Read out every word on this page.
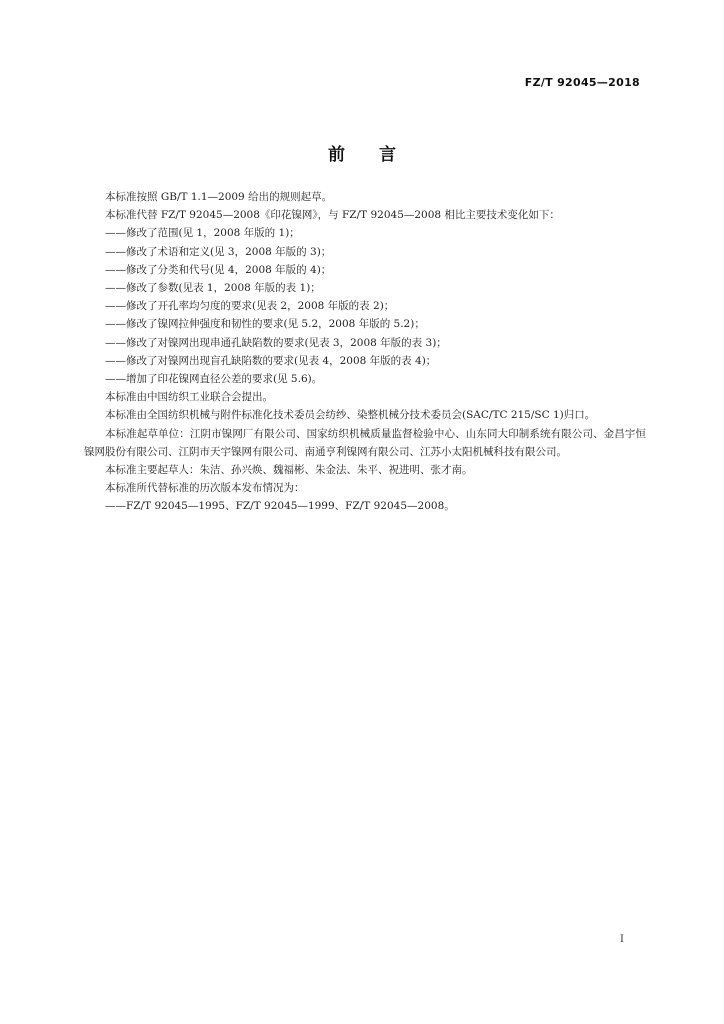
FZ/T 92045—2018
前言

本标准按照 GB/T 1.1—2009 给出的规则起草。

本标准代替 FZ/T 92045—2008《印花镍网》，与 FZ/T 92045—2008 相比主要技术变化如下：

——修改了范围(见 1，2008 年版的 1)；

——修改了术语和定义(见 3，2008 年版的 3)；

——修改了分类和代号(见 4，2008 年版的 4)；

——修改了参数(见表 1，2008 年版的表 1)；

——修改了开孔率均匀度的要求(见表 2，2008 年版的表 2)；

——修改了镍网拉伸强度和韧性的要求(见 5.2，2008 年版的 5.2)；

——修改了对镍网出现串通孔缺陷数的要求(见表 3，2008 年版的表 3)；

——修改了对镍网出现盲孔缺陷数的要求(见表 4，2008 年版的表 4)；

——增加了印花镍网直径公差的要求(见 5.6)。

本标准由中国纺织工业联合会提出。

本标准由全国纺织机械与附件标准化技术委员会纺纱、染整机械分技术委员会(SAC/TC 215/SC 1)归口。

本标准起草单位：江阴市镍网厂有限公司、国家纺织机械质量监督检验中心、山东同大印制系统有限公司、金昌宇恒镍网股份有限公司、江阴市天宇镍网有限公司、南通亨利镍网有限公司、江苏小太阳机械科技有限公司。

本标准主要起草人：朱洁、孙兴焕、魏福彬、朱金法、朱平、祝进明、张才南。

本标准所代替标准的历次版本发布情况为：

——FZ/T 92045—1995、FZ/T 92045—1999、FZ/T 92045—2008。

I
